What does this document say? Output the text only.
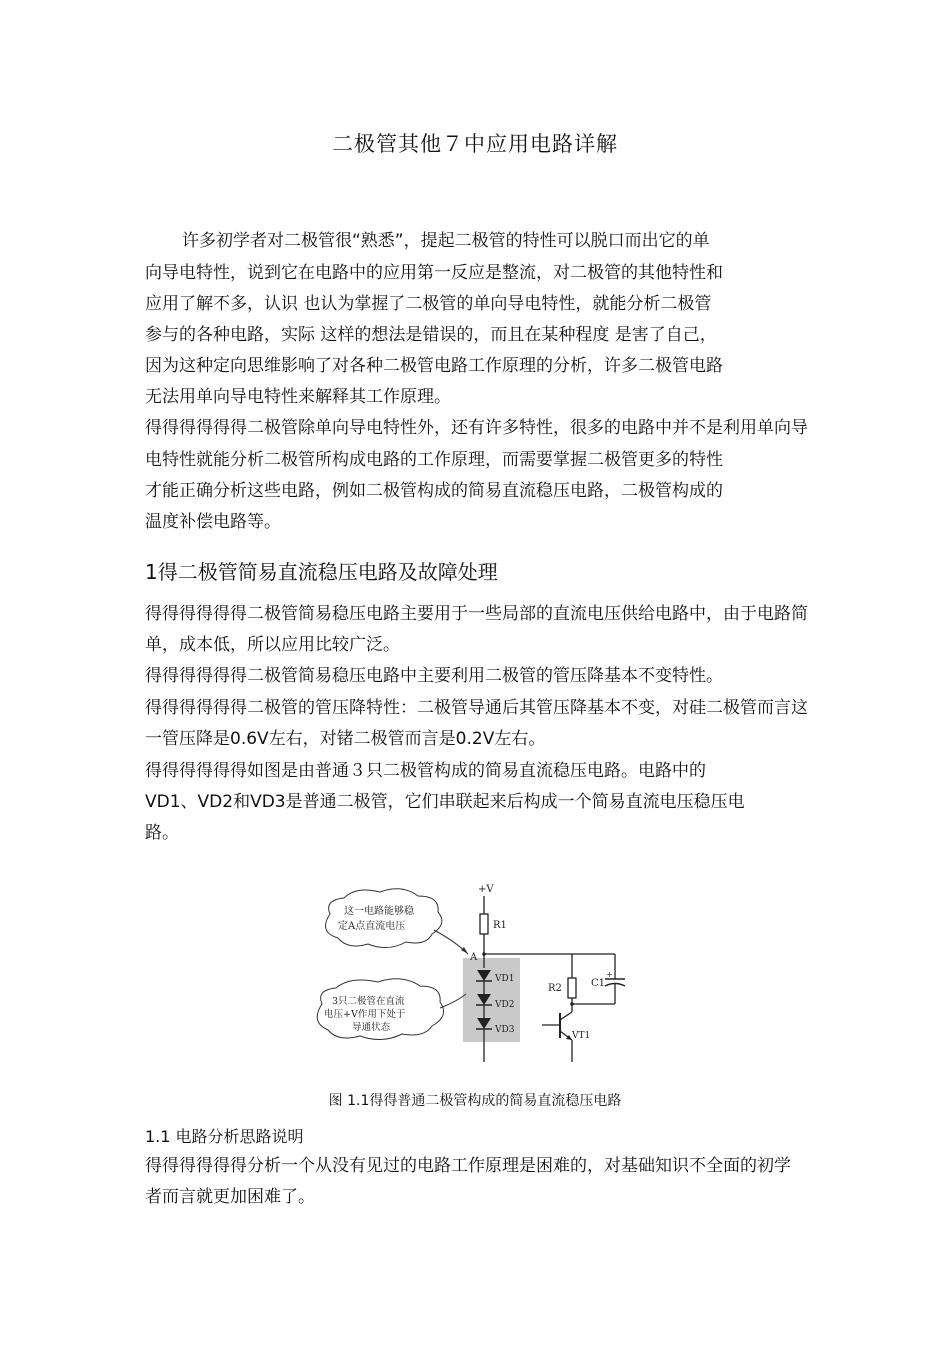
二极管其他７中应用电路详解
许多初学者对二极管很“熟悉”，提起二极管的特性可以脱口而出它的单
向导电特性，说到它在电路中的应用第一反应是整流，对二极管的其他特性和
应用了解不多，认识 也认为掌握了二极管的单向导电特性，就能分析二极管
参与的各种电路，实际 这样的想法是错误的，而且在某种程度 是害了自己，
因为这种定向思维影响了对各种二极管电路工作原理的分析，许多二极管电路
无法用单向导电特性来解释其工作原理。
得得得得得得二极管除单向导电特性外，还有许多特性，很多的电路中并不是利用单向导
电特性就能分析二极管所构成电路的工作原理，而需要掌握二极管更多的特性
才能正确分析这些电路，例如二极管构成的简易直流稳压电路，二极管构成的
温度补偿电路等。
1得二极管简易直流稳压电路及故障处理
得得得得得得二极管简易稳压电路主要用于一些局部的直流电压供给电路中，由于电路简
单，成本低，所以应用比较广泛。
得得得得得得二极管简易稳压电路中主要利用二极管的管压降基本不变特性。
得得得得得得二极管的管压降特性：二极管导通后其管压降基本不变，对硅二极管而言这
一管压降是0.6V左右，对锗二极管而言是0.2V左右。
得得得得得得如图是由普通３只二极管构成的简易直流稳压电路。电路中的
VD1、VD2和VD3是普通二极管，它们串联起来后构成一个简易直流电压稳压电
路。
+V
R1
A
VD1
VD2
VD3
R2	C1
+
VT1
这一电路能够稳
定A点直流电压
3只二极管在直流
电压+V作用下处于
导通状态
图 1.1得得普通二极管构成的简易直流稳压电路
1.1 电路分析思路说明
得得得得得得分析一个从没有见过的电路工作原理是困难的，对基础知识不全面的初学
者而言就更加困难了。
